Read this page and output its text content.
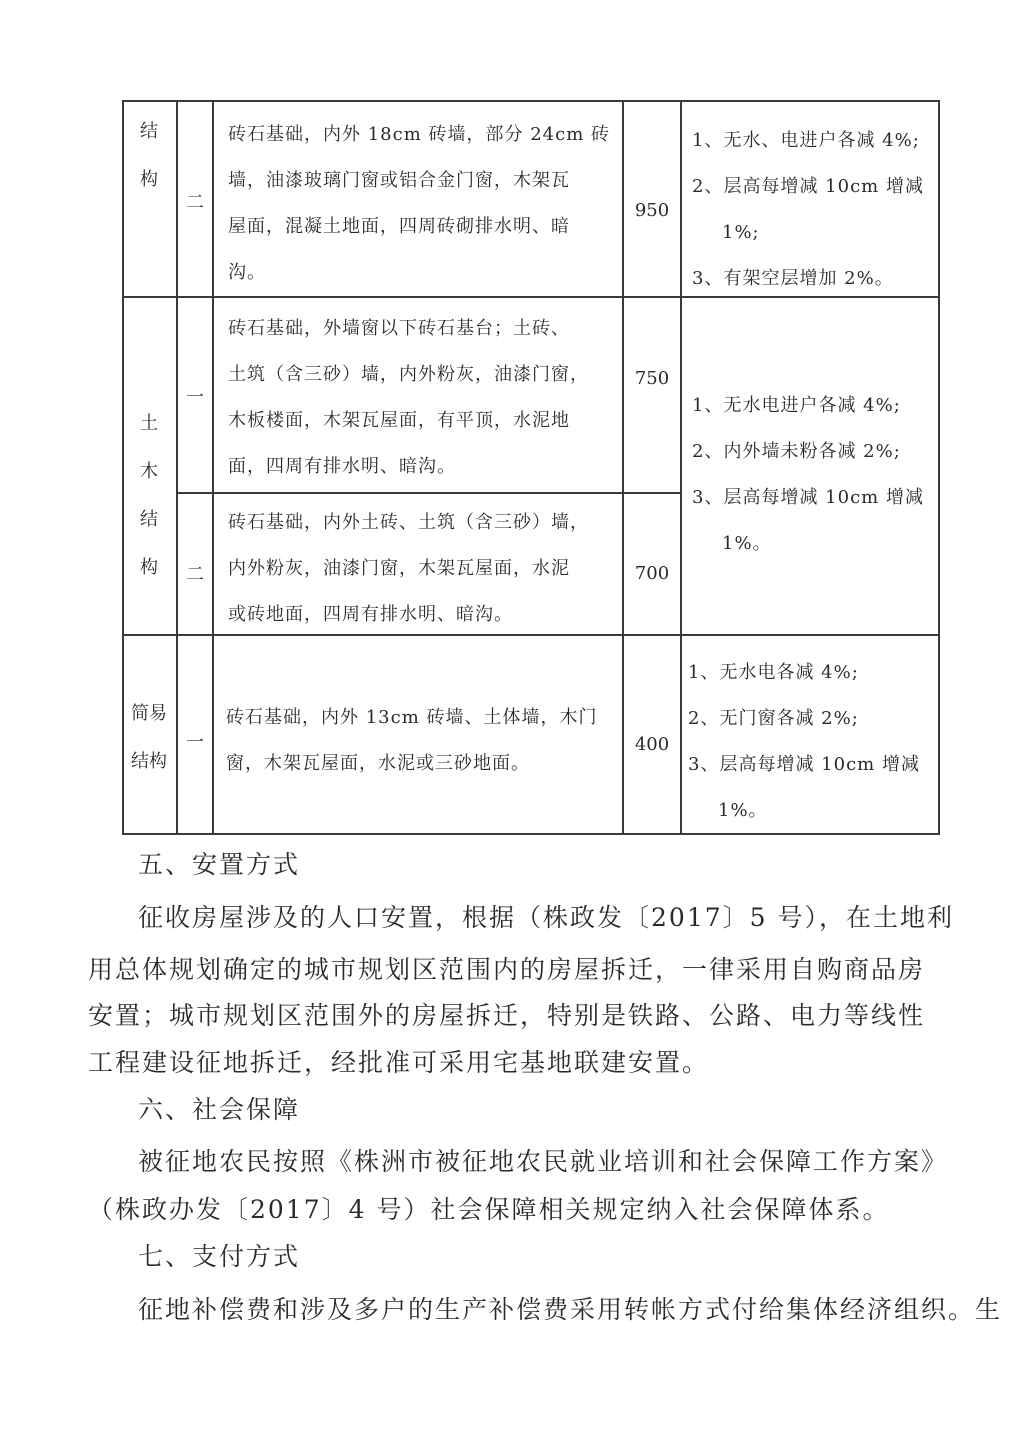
结
构
二
砖石基础，内外 18cm 砖墙，部分 24cm 砖
墙，油漆玻璃门窗或铝合金门窗，木架瓦
屋面，混凝土地面，四周砖砌排水明、暗
沟。
950
1、无水、电进户各减 4%;
2、层高每增减 10cm 增减
1%;
3、有架空层增加 2%。
土
木
结
构
一
砖石基础，外墙窗以下砖石基台；土砖、
土筑（含三砂）墙，内外粉灰，油漆门窗，
木板楼面，木架瓦屋面，有平顶，水泥地
面，四周有排水明、暗沟。
750
1、无水电进户各减 4%;
2、内外墙未粉各减 2%;
3、层高每增减 10cm 增减
1%。
二
砖石基础，内外土砖、土筑（含三砂）墙，
内外粉灰，油漆门窗，木架瓦屋面，水泥
或砖地面，四周有排水明、暗沟。
700
简易
结构
一
砖石基础，内外 13cm 砖墙、土体墙，木门
窗，木架瓦屋面，水泥或三砂地面。
400
1、无水电各减 4%;
2、无门窗各减 2%;
3、层高每增减 10cm 增减
1%。
五、安置方式
征收房屋涉及的人口安置，根据（株政发〔2017〕5 号），在土地利
用总体规划确定的城市规划区范围内的房屋拆迁，一律采用自购商品房
安置；城市规划区范围外的房屋拆迁，特别是铁路、公路、电力等线性
工程建设征地拆迁，经批准可采用宅基地联建安置。
六、社会保障
被征地农民按照《株洲市被征地农民就业培训和社会保障工作方案》
（株政办发〔2017〕4 号）社会保障相关规定纳入社会保障体系。
七、支付方式
征地补偿费和涉及多户的生产补偿费采用转帐方式付给集体经济组织。生
